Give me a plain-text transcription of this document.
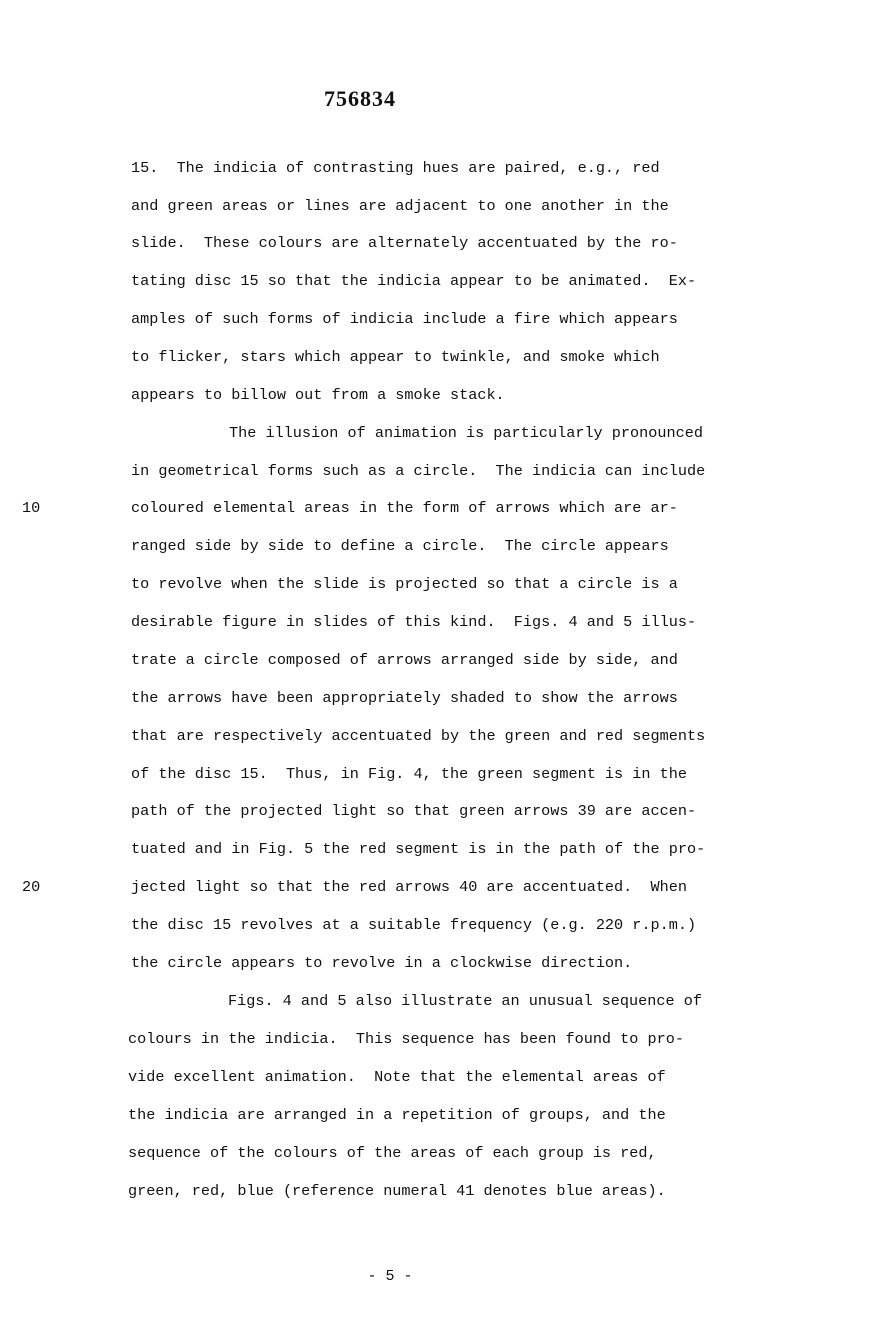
756834
15.  The indicia of contrasting hues are paired, e.g., red
and green areas or lines are adjacent to one another in the
slide.  These colours are alternately accentuated by the ro-
tating disc 15 so that the indicia appear to be animated.  Ex-
amples of such forms of indicia include a fire which appears
to flicker, stars which appear to twinkle, and smoke which
appears to billow out from a smoke stack.
The illusion of animation is particularly pronounced
in geometrical forms such as a circle.  The indicia can include
coloured elemental areas in the form of arrows which are ar-
ranged side by side to define a circle.  The circle appears
to revolve when the slide is projected so that a circle is a
desirable figure in slides of this kind.  Figs. 4 and 5 illus-
trate a circle composed of arrows arranged side by side, and
the arrows have been appropriately shaded to show the arrows
that are respectively accentuated by the green and red segments
of the disc 15.  Thus, in Fig. 4, the green segment is in the
path of the projected light so that green arrows 39 are accen-
tuated and in Fig. 5 the red segment is in the path of the pro-
jected light so that the red arrows 40 are accentuated.  When
the disc 15 revolves at a suitable frequency (e.g. 220 r.p.m.)
the circle appears to revolve in a clockwise direction.
Figs. 4 and 5 also illustrate an unusual sequence of
colours in the indicia.  This sequence has been found to pro-
vide excellent animation.  Note that the elemental areas of
the indicia are arranged in a repetition of groups, and the
sequence of the colours of the areas of each group is red,
green, red, blue (reference numeral 41 denotes blue areas).
10
20
- 5 -
